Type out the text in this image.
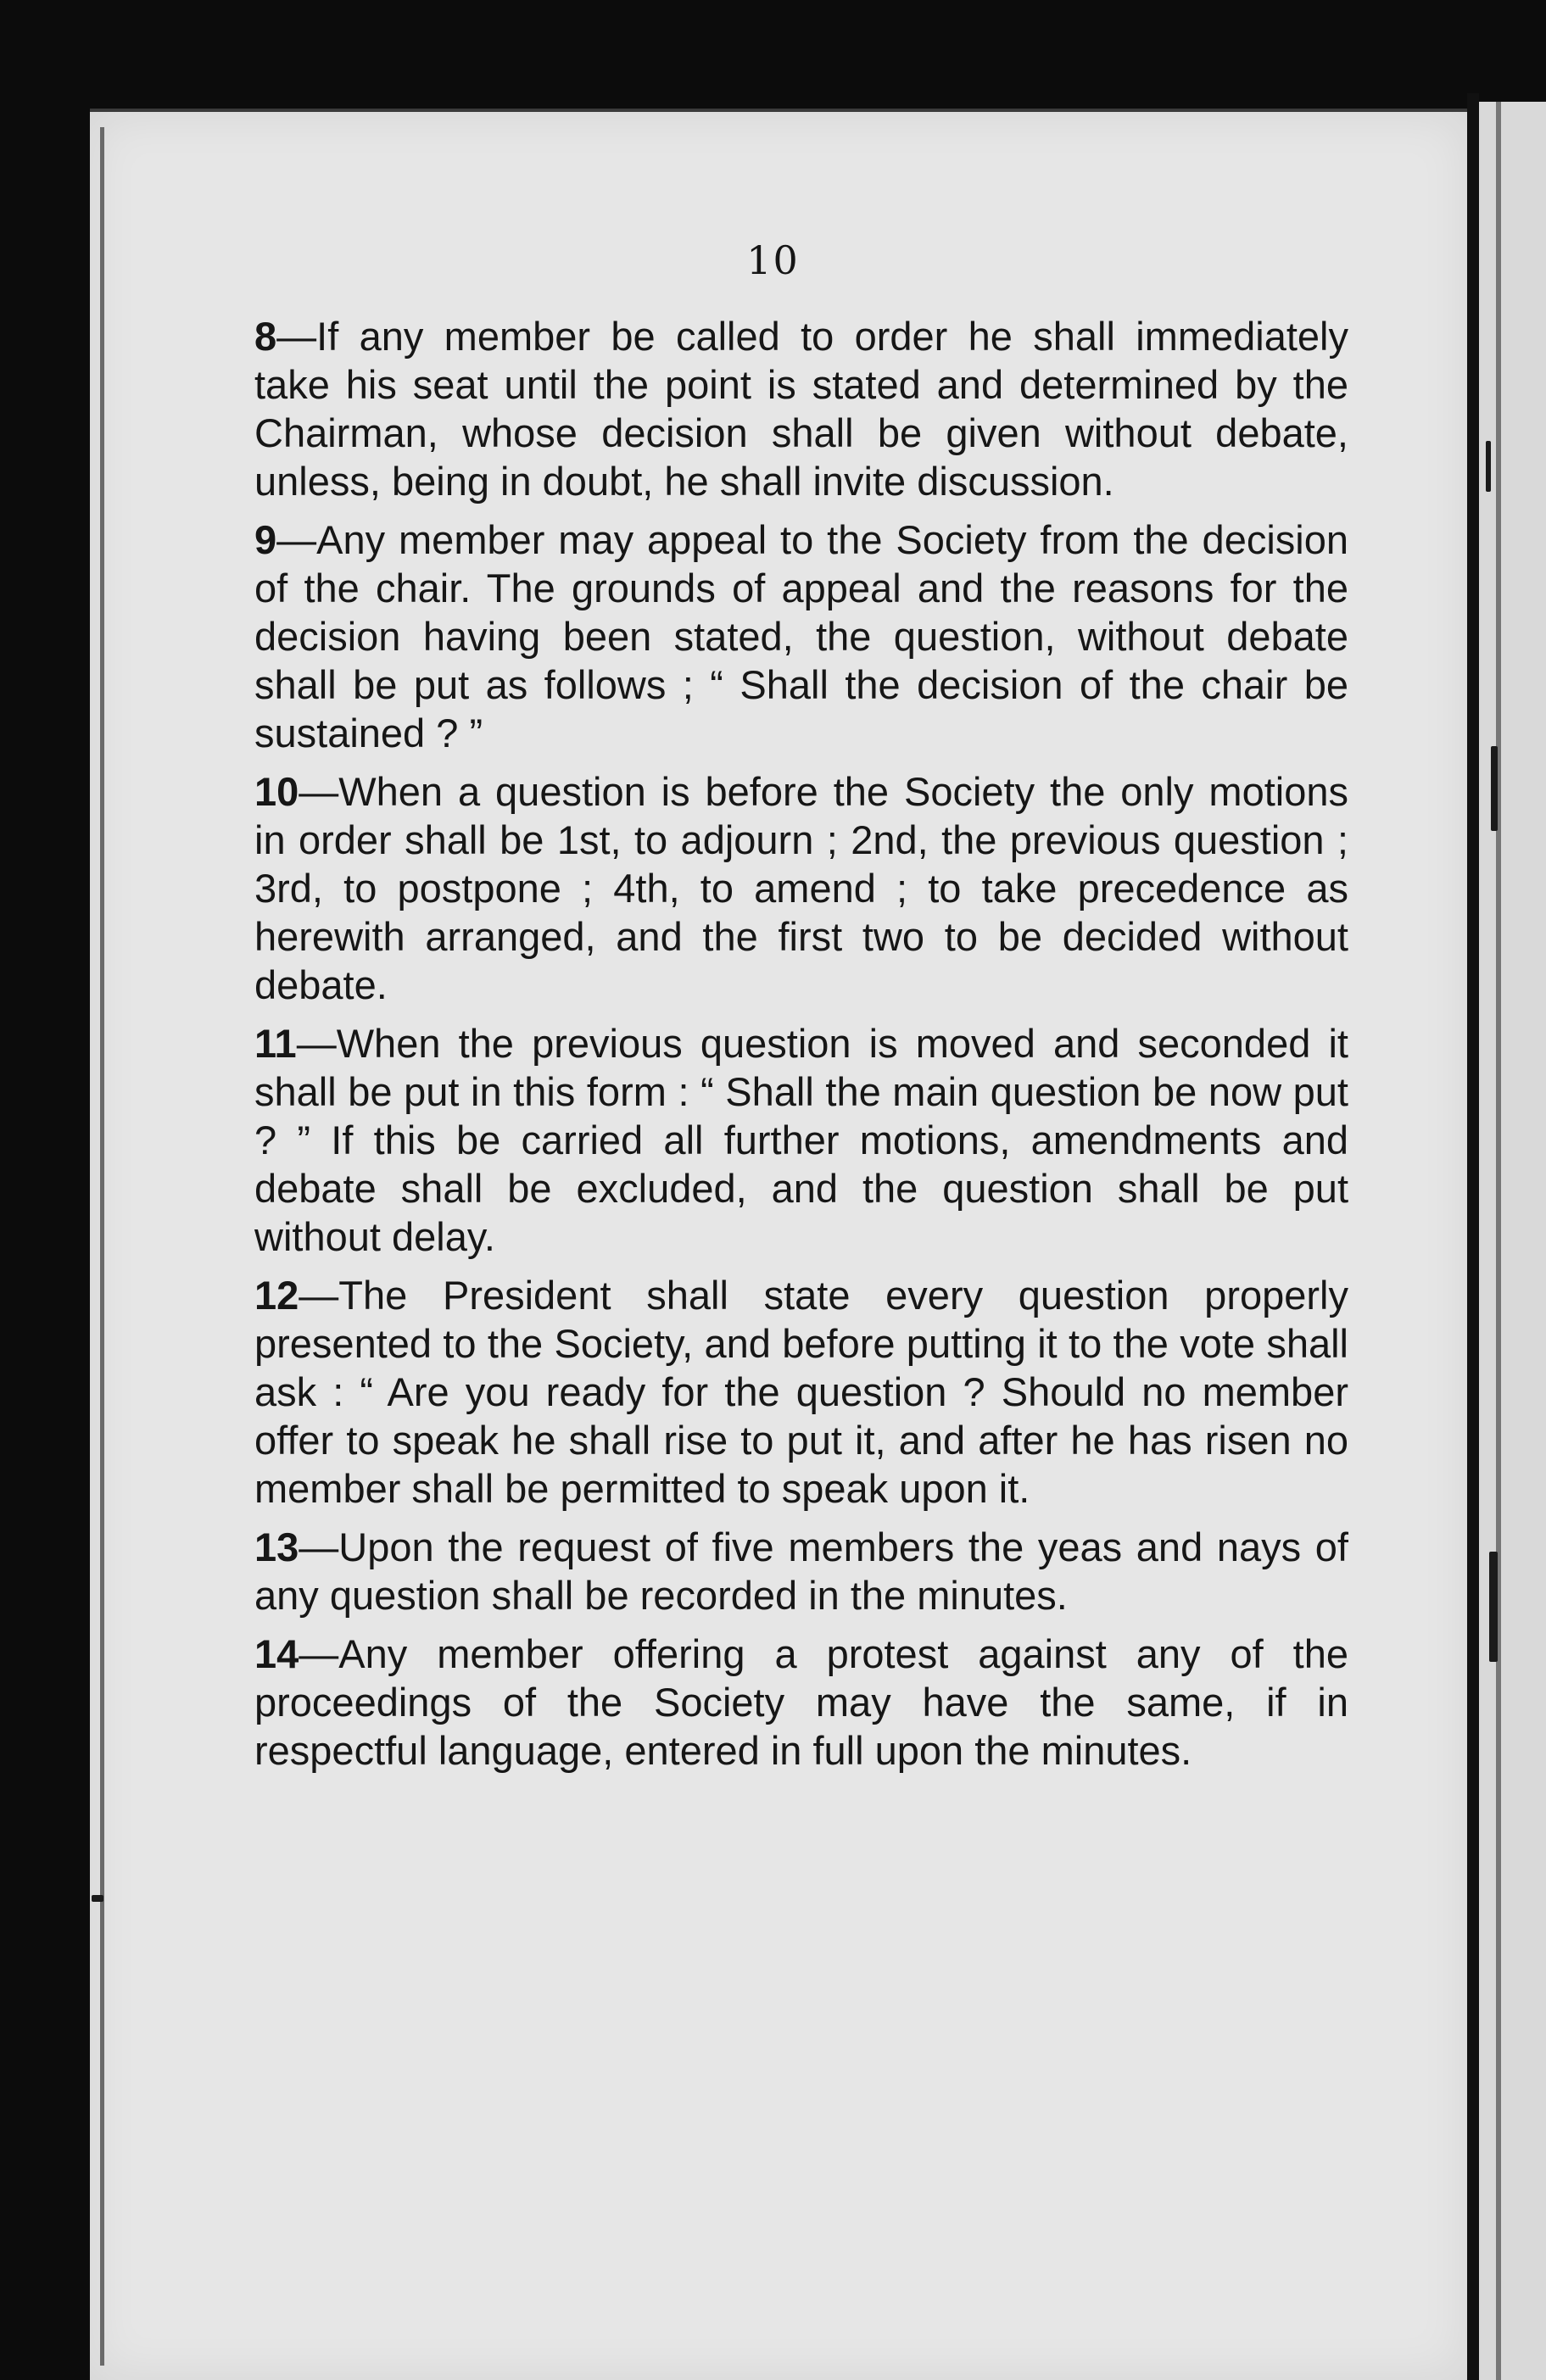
10

8—If any member be called to order he shall immediately take his seat until the point is stated and determined by the Chairman, whose decision shall be given without debate, unless, being in doubt, he shall invite discussion.

9—Any member may appeal to the Society from the decision of the chair. The grounds of appeal and the reasons for the decision having been stated, the question, without debate shall be put as follows ; “ Shall the decision of the chair be sustained ? ”

10—When a question is before the Society the only motions in order shall be 1st, to adjourn ; 2nd, the previous question ; 3rd, to postpone ; 4th, to amend ; to take precedence as herewith arranged, and the first two to be decided without debate.

11—When the previous question is moved and seconded it shall be put in this form : “ Shall the main question be now put ? ” If this be carried all further motions, amendments and debate shall be excluded, and the question shall be put without delay.

12—The President shall state every question properly presented to the Society, and before putting it to the vote shall ask : “ Are you ready for the question ? Should no member offer to speak he shall rise to put it, and after he has risen no member shall be permitted to speak upon it.

13—Upon the request of five members the yeas and nays of any question shall be recorded in the minutes.

14—Any member offering a protest against any of the proceedings of the Society may have the same, if in respectful language, entered in full upon the minutes.
